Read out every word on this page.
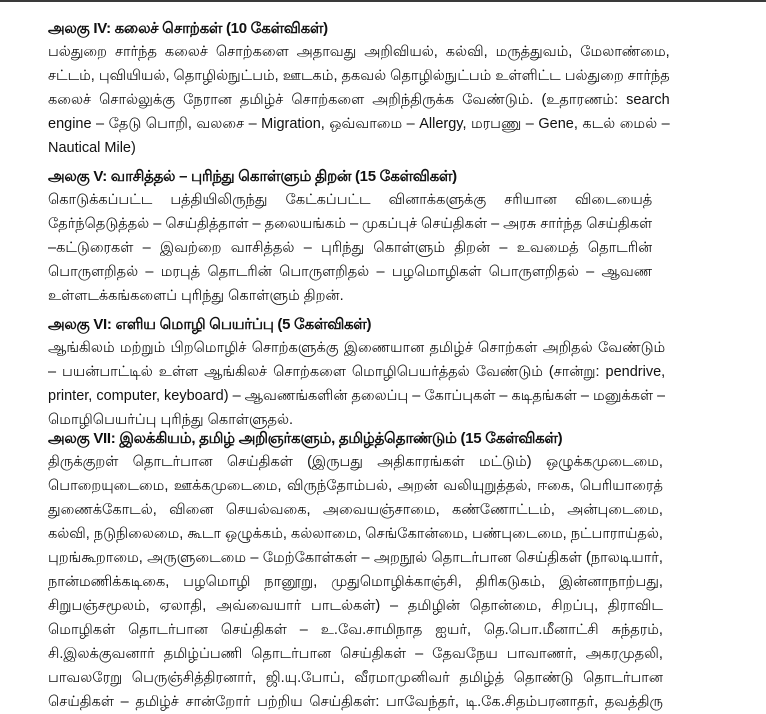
அலகு IV: கலைச் சொற்கள் (10 கேள்விகள்)
பல்துறை சார்ந்த கலைச் சொற்களை அதாவது அறிவியல், கல்வி, மருத்துவம், மேலாண்மை,
சட்டம், புவியியல், தொழில்நுட்பம், ஊடகம், தகவல் தொழில்நுட்பம் உள்ளிட்ட பல்துறை சார்ந்த
கலைச் சொல்லுக்கு நேரான தமிழ்ச் சொற்களை அறிந்திருக்க வேண்டும். (உதாரணம்: search
engine – தேடு பொறி, வலசை – Migration, ஒவ்வாமை – Allergy, மரபணு – Gene, கடல் மைல் –
Nautical Mile)
அலகு V: வாசித்தல் – புரிந்து கொள்ளும் திறன் (15 கேள்விகள்)
கொடுக்கப்பட்ட பத்தியிலிருந்து கேட்கப்பட்ட வினாக்களுக்கு சரியான விடையைத்
தேர்ந்தெடுத்தல் – செய்தித்தாள் – தலையங்கம் – முகப்புச் செய்திகள் – அரசு சார்ந்த செய்திகள்
–கட்டுரைகள் – இவற்றை வாசித்தல் – புரிந்து கொள்ளும் திறன் – உவமைத் தொடரின்
பொருளறிதல் – மரபுத் தொடரின் பொருளறிதல் – பழமொழிகள் பொருளறிதல் – ஆவண
உள்ளடக்கங்களைப் புரிந்து கொள்ளும் திறன்.
அலகு VI: எளிய மொழி பெயர்ப்பு (5 கேள்விகள்)
ஆங்கிலம் மற்றும் பிறமொழிச் சொற்களுக்கு இணையான தமிழ்ச் சொற்கள் அறிதல் வேண்டும்
– பயன்பாட்டில் உள்ள ஆங்கிலச் சொற்களை மொழிபெயர்த்தல் வேண்டும் (சான்று: pendrive,
printer, computer, keyboard) – ஆவணங்களின் தலைப்பு – கோப்புகள் – கடிதங்கள் – மனுக்கள் –
மொழிபெயர்ப்பு புரிந்து கொள்ளுதல்.
அலகு VII: இலக்கியம், தமிழ் அறிஞர்களும், தமிழ்த்தொண்டும் (15 கேள்விகள்)
திருக்குறள் தொடர்பான செய்திகள் (இருபது அதிகாரங்கள் மட்டும்) ஒழுக்கமுடைமை,
பொறையுடைமை, ஊக்கமுடைமை, விருந்தோம்பல், அறன் வலியுறுத்தல், ஈகை, பெரியாரைத்
துணைக்கோடல், வினை செயல்வகை, அவையஞ்சாமை, கண்ணோட்டம், அன்புடைமை,
கல்வி, நடுநிலைமை, கூடா ஒழுக்கம், கல்லாமை, செங்கோன்மை, பண்புடைமை, நட்பாராய்தல்,
புறங்கூறாமை, அருளுடைமை – மேற்கோள்கள் – அறநூல் தொடர்பான செய்திகள் (நாலடியார்,
நான்மணிக்கடிகை, பழமொழி நானூறு, முதுமொழிக்காஞ்சி, திரிகடுகம், இன்னாநாற்பது,
சிறுபஞ்சமூலம், ஏலாதி, அவ்வையார் பாடல்கள்) – தமிழின் தொன்மை, சிறப்பு, திராவிட
மொழிகள் தொடர்பான செய்திகள் – உ.வே.சாமிநாத ஐயர், தெ.பொ.மீனாட்சி சுந்தரம்,
சி.இலக்குவனார் தமிழ்ப்பணி தொடர்பான செய்திகள் – தேவநேய பாவாணர், அகரமுதலி,
பாவலரேறு பெருஞ்சித்திரனார், ஜி.யு.போப், வீரமாமுனிவர் தமிழ்த் தொண்டு தொடர்பான
செய்திகள் – தமிழ்ச் சான்றோர் பற்றிய செய்திகள்: பாவேந்தர், டி.கே.சிதம்பரனாதர், தவத்திரு
